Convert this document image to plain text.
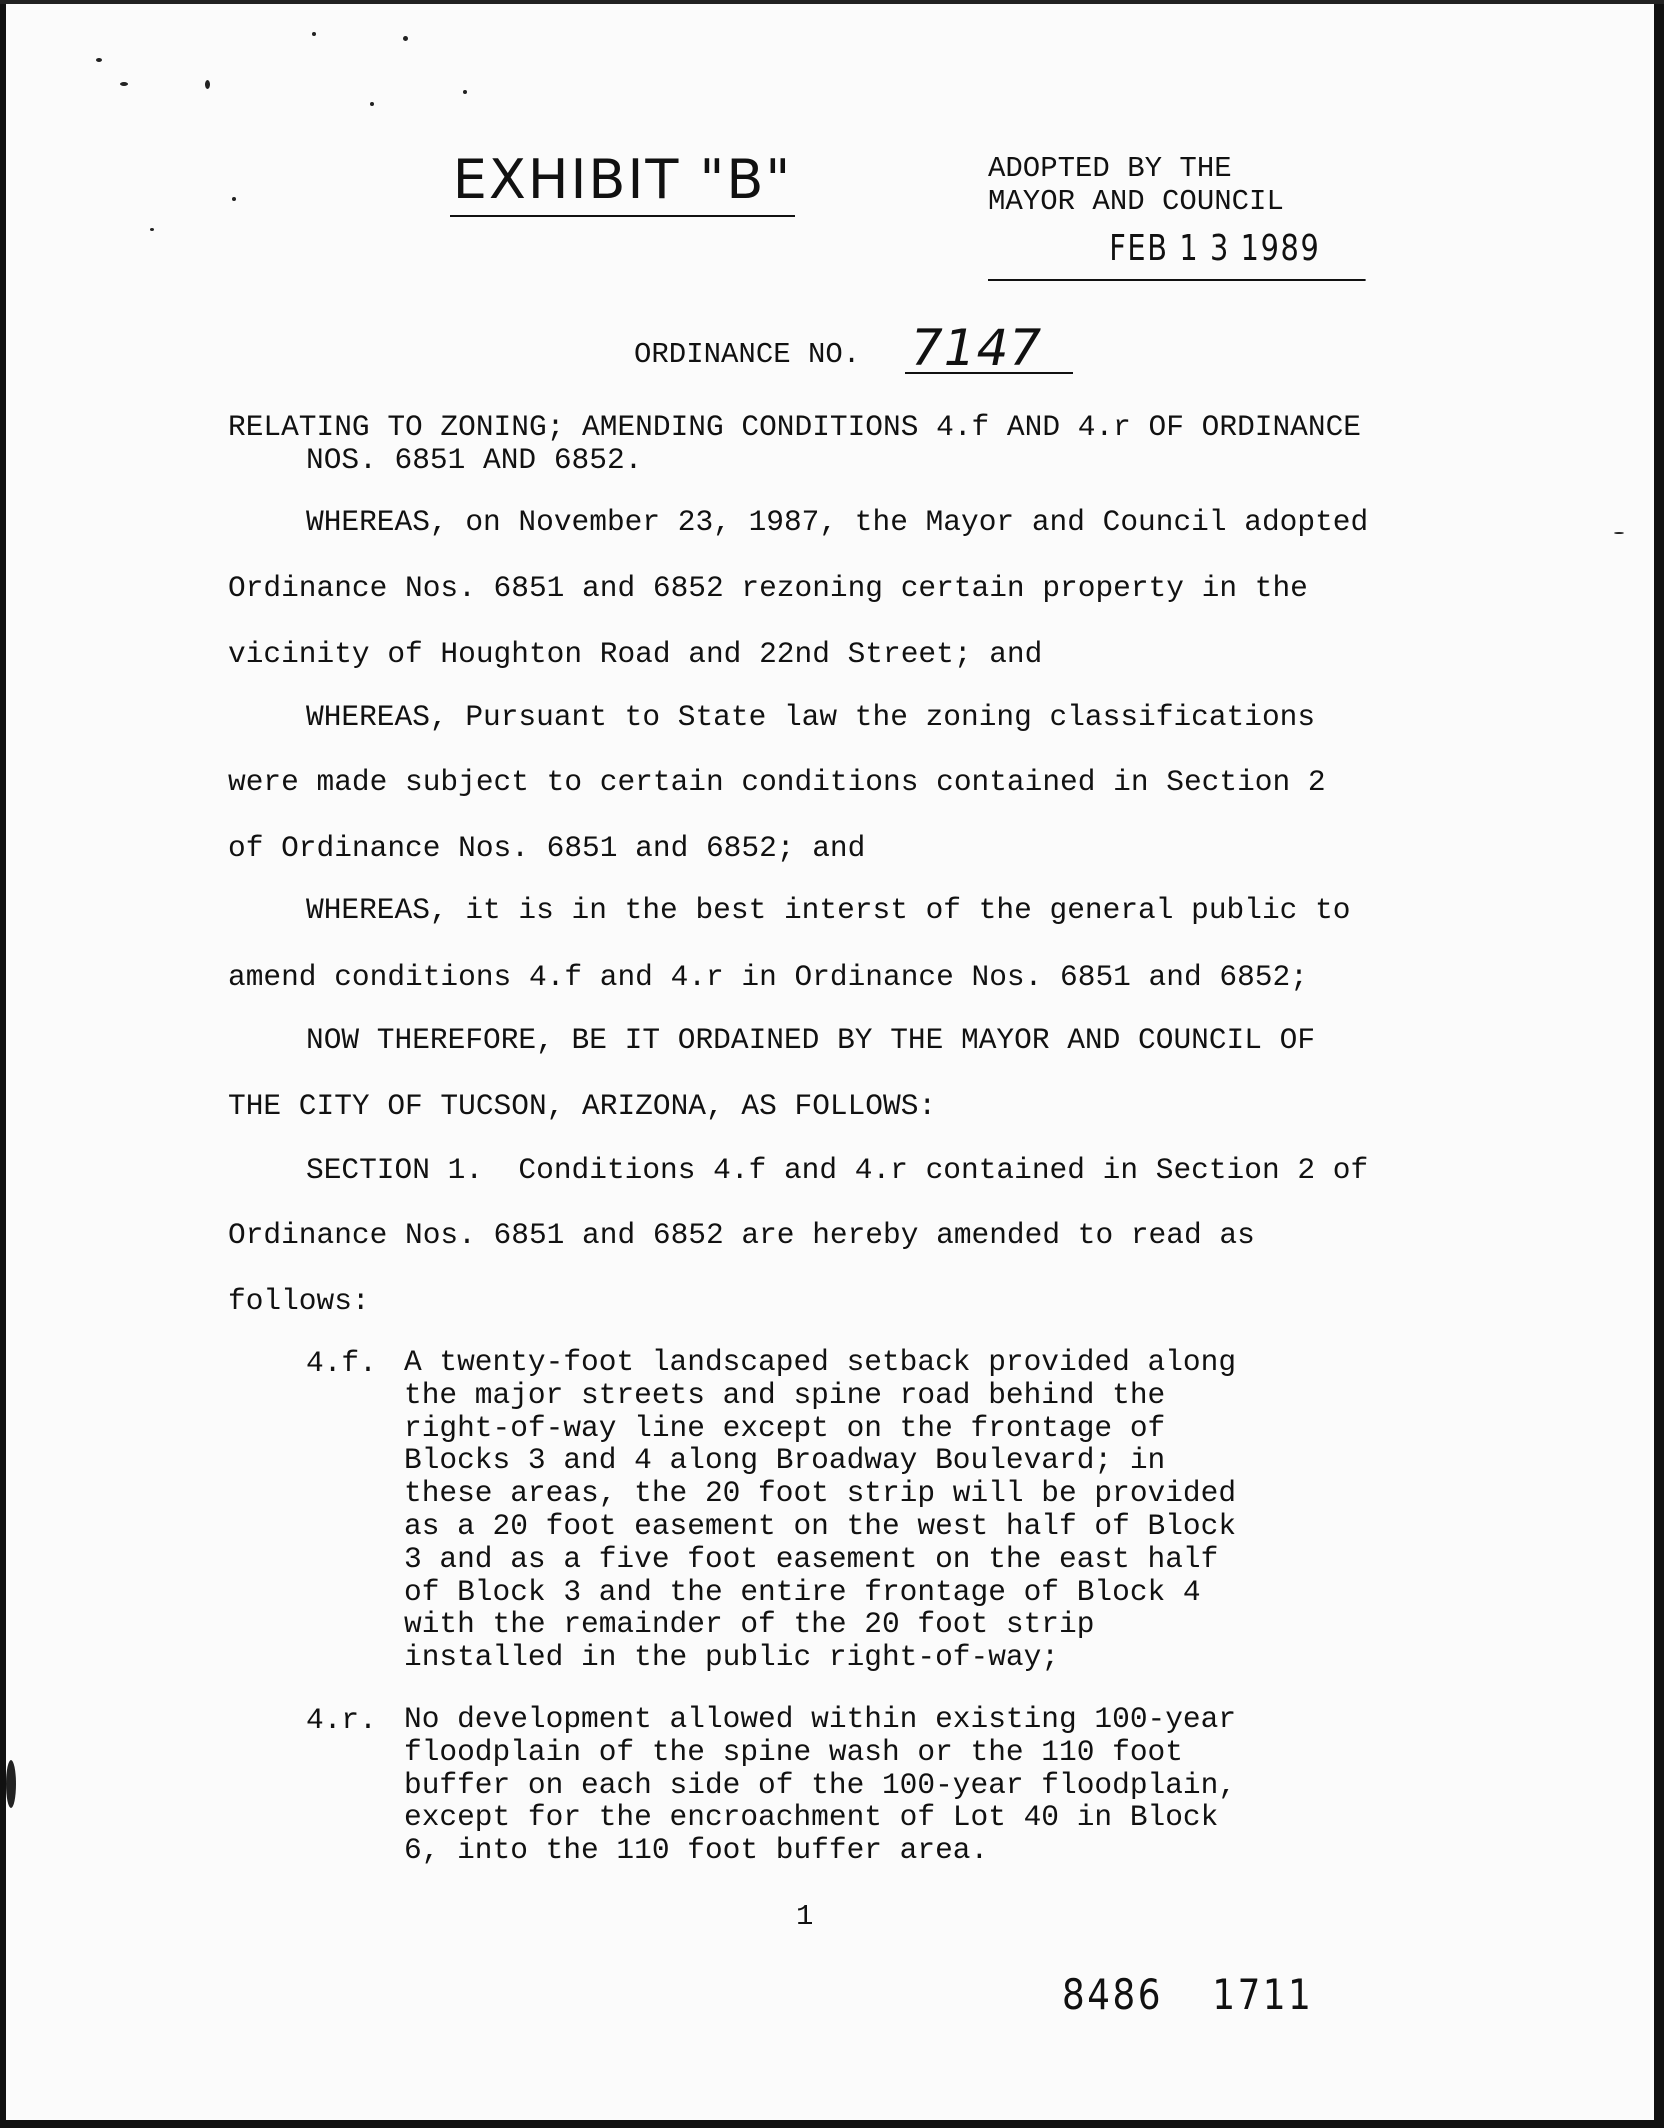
EXHIBIT "B"	ADOPTED BY THE
MAYOR AND COUNCIL
FEB 1 3 1989
ORDINANCE NO. 7147
RELATING TO ZONING; AMENDING CONDITIONS 4.f AND 4.r OF ORDINANCE
NOS. 6851 AND 6852.
WHEREAS, on November 23, 1987, the Mayor and Council adopted
Ordinance Nos. 6851 and 6852 rezoning certain property in the
vicinity of Houghton Road and 22nd Street; and
WHEREAS, Pursuant to State law the zoning classifications
were made subject to certain conditions contained in Section 2
of Ordinance Nos. 6851 and 6852; and
WHEREAS, it is in the best interst of the general public to
amend conditions 4.f and 4.r in Ordinance Nos. 6851 and 6852;
NOW THEREFORE, BE IT ORDAINED BY THE MAYOR AND COUNCIL OF
THE CITY OF TUCSON, ARIZONA, AS FOLLOWS:
SECTION 1.  Conditions 4.f and 4.r contained in Section 2 of
Ordinance Nos. 6851 and 6852 are hereby amended to read as
follows:
4.f. A twenty-foot landscaped setback provided along
the major streets and spine road behind the
right-of-way line except on the frontage of
Blocks 3 and 4 along Broadway Boulevard; in
these areas, the 20 foot strip will be provided
as a 20 foot easement on the west half of Block
3 and as a five foot easement on the east half
of Block 3 and the entire frontage of Block 4
with the remainder of the 20 foot strip
installed in the public right-of-way;
4.r. No development allowed within existing 100-year
floodplain of the spine wash or the 110 foot
buffer on each side of the 100-year floodplain,
except for the encroachment of Lot 40 in Block
6, into the 110 foot buffer area.
1
8486 1711
